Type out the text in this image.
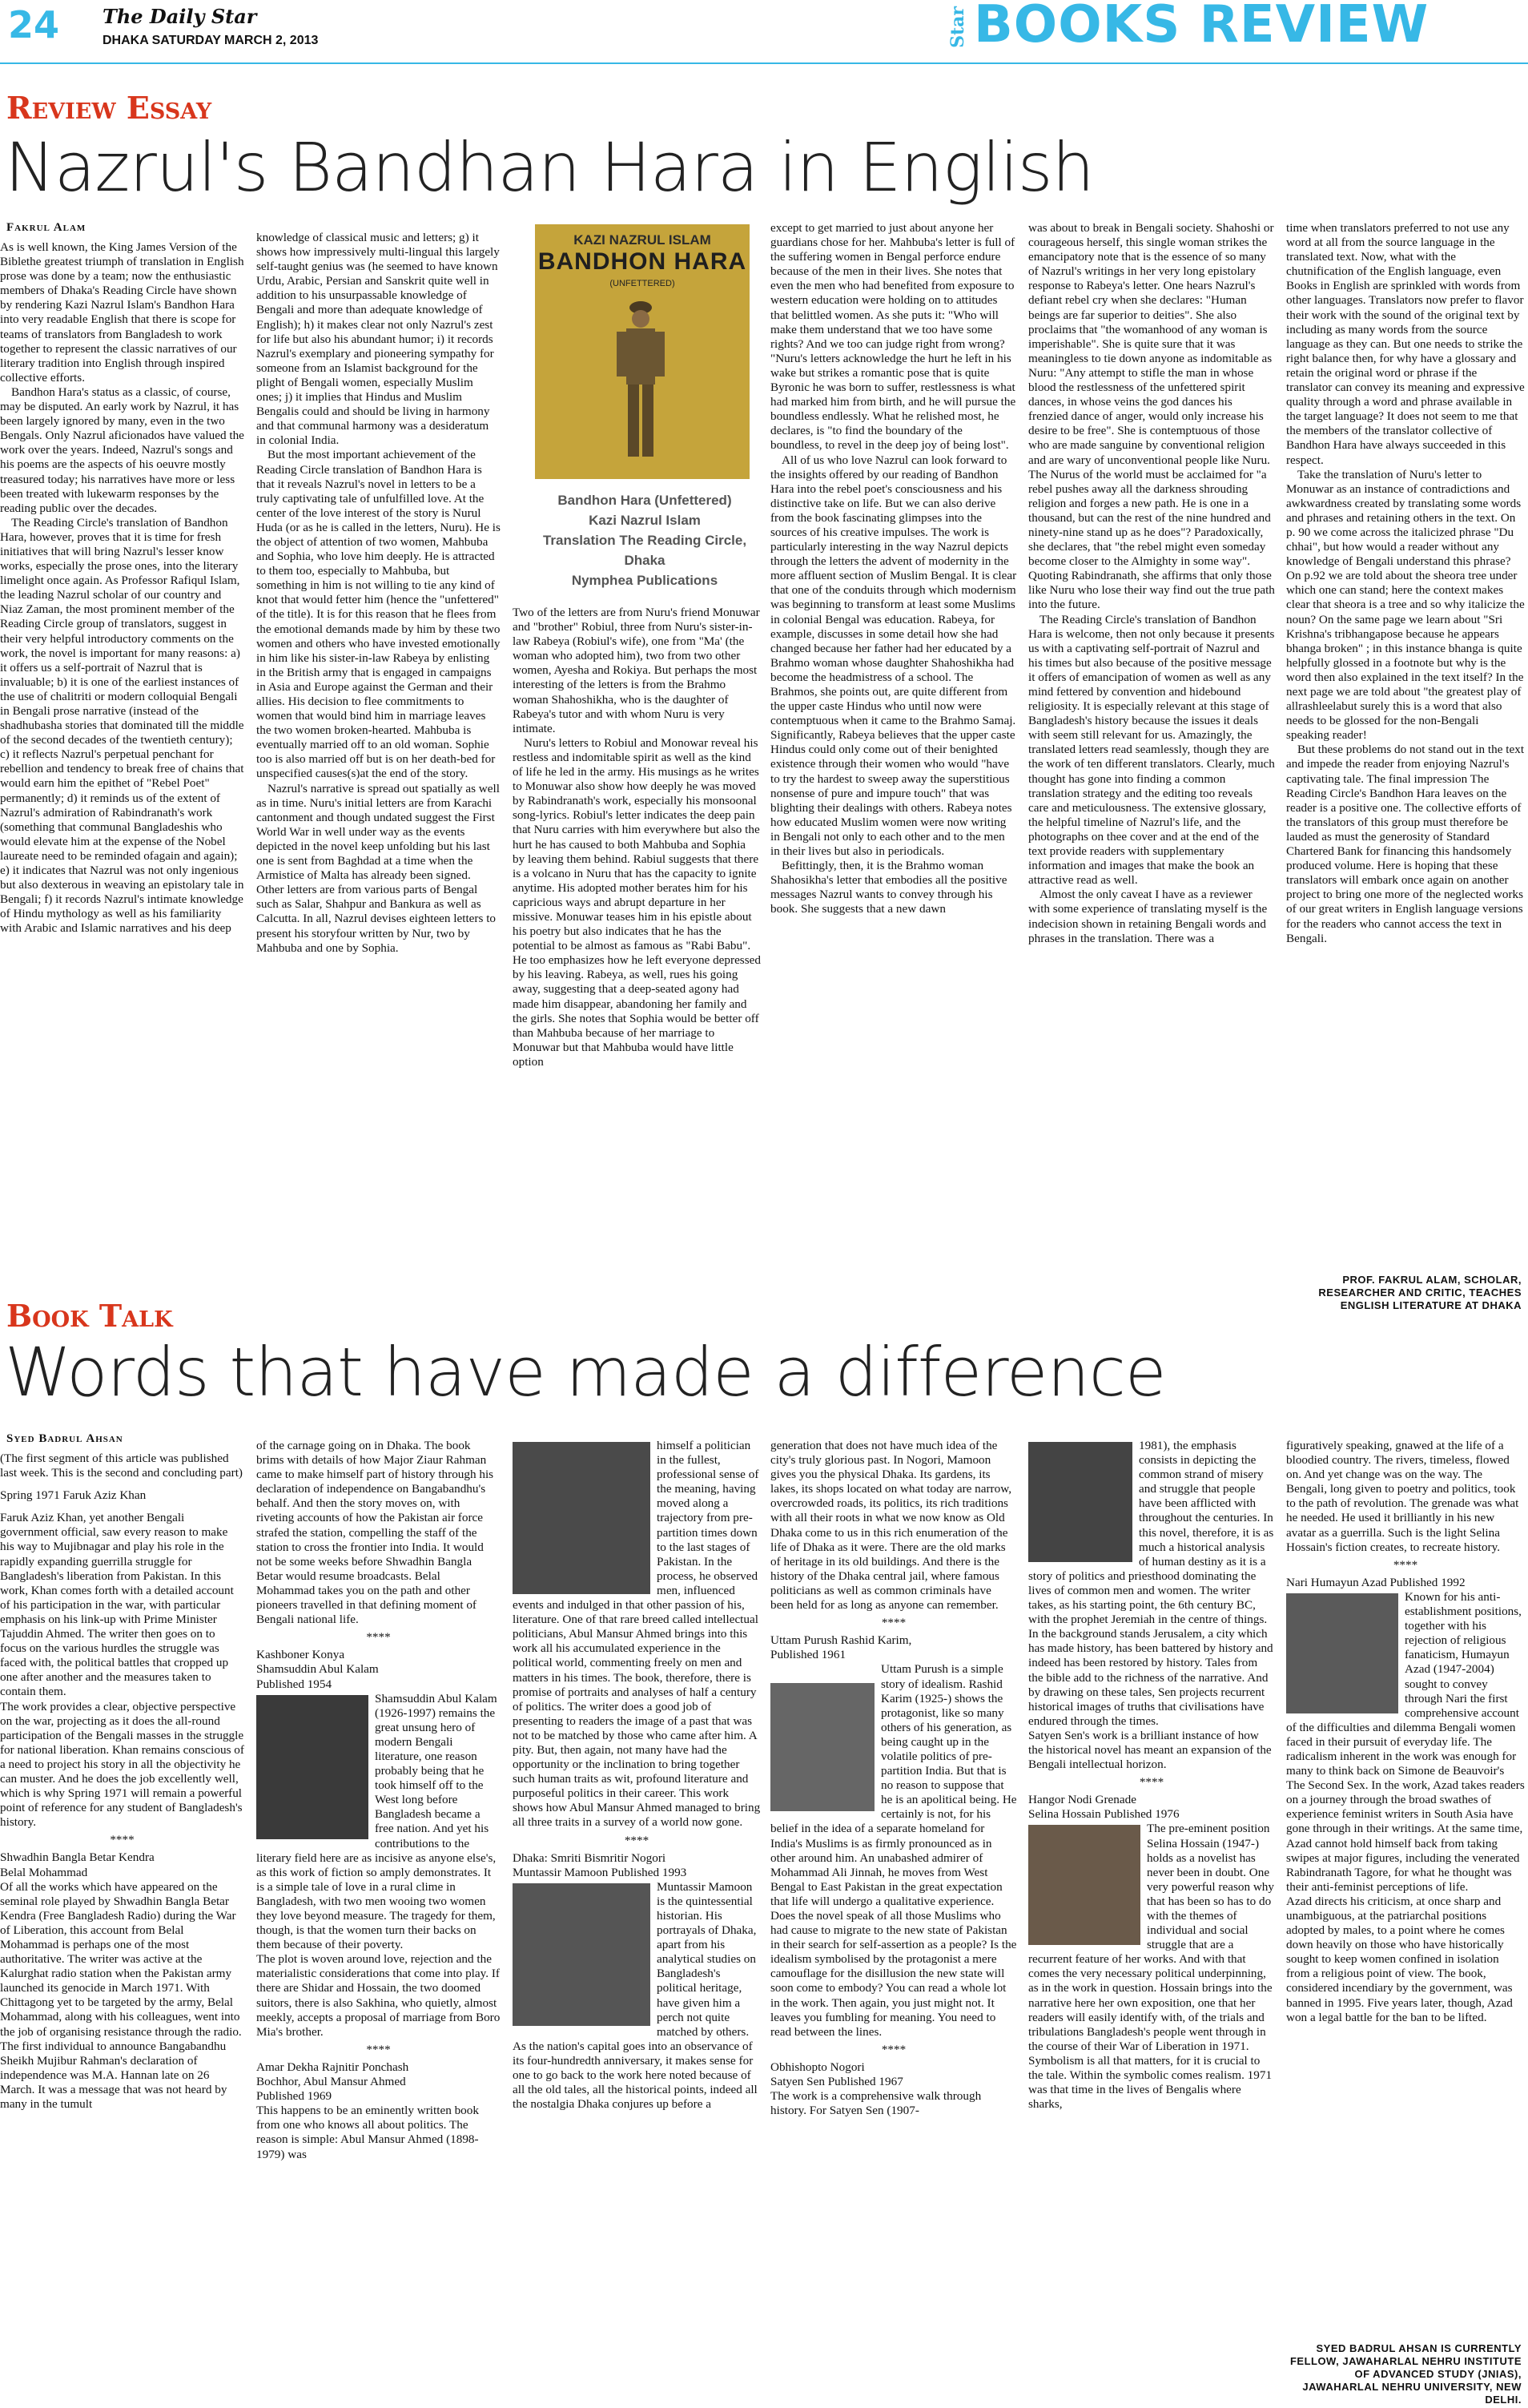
24 The Daily Star
DHAKA SATURDAY MARCH 2, 2013	Star BOOKS REVIEW
Review Essay
Nazrul's Bandhan Hara in English
Fakrul Alam

As is well known, the King James Version of the Biblethe greatest triumph of translation in English prose was done by a team; now the enthusiastic members of Dhaka's Reading Circle have shown by rendering Kazi Nazrul Islam's Bandhon Hara into very readable English that there is scope for teams of translators from Bangladesh to work together to represent the classic narratives of our literary tradition into English through inspired collective efforts.

Bandhon Hara's status as a classic, of course, may be disputed. An early work by Nazrul, it has been largely ignored by many, even in the two Bengals. Only Nazrul aficionados have valued the work over the years. Indeed, Nazrul's songs and his poems are the aspects of his oeuvre mostly treasured today; his narratives have more or less been treated with lukewarm responses by the reading public over the decades.

The Reading Circle's translation of Bandhon Hara, however, proves that it is time for fresh initiatives that will bring Nazrul's lesser know works, especially the prose ones, into the literary limelight once again. As Professor Rafiqul Islam, the leading Nazrul scholar of our country and Niaz Zaman, the most prominent member of the Reading Circle group of translators, suggest in their very helpful introductory comments on the work, the novel is important for many reasons: a) it offers us a self-portrait of Nazrul that is invaluable; b) it is one of the earliest instances of the use of chalitriti or modern colloquial Bengali in Bengali prose narrative (instead of the shadhubasha stories that dominated till the middle of the second decades of the twentieth century); c) it reflects Nazrul's perpetual penchant for rebellion and tendency to break free of chains that would earn him the epithet of "Rebel Poet" permanently; d) it reminds us of the extent of Nazrul's admiration of Rabindranath's work (something that communal Bangladeshis who would elevate him at the expense of the Nobel laureate need to be reminded ofagain and again); e) it indicates that Nazrul was not only ingenious but also dexterous in weaving an epistolary tale in Bengali; f) it records Nazrul's intimate knowledge of Hindu mythology as well as his familiarity with Arabic and Islamic narratives and his deep

knowledge of classical music and letters; g) it shows how impressively multi-lingual this largely self-taught genius was (he seemed to have known Urdu, Arabic, Persian and Sanskrit quite well in addition to his unsurpassable knowledge of Bengali and more than adequate knowledge of English); h) it makes clear not only Nazrul's zest for life but also his abundant humor; i) it records Nazrul's exemplary and pioneering sympathy for someone from an Islamist background for the plight of Bengali women, especially Muslim ones; j) it implies that Hindus and Muslim Bengalis could and should be living in harmony and that communal harmony was a desideratum in colonial India.

But the most important achievement of the Reading Circle translation of Bandhon Hara is that it reveals Nazrul's novel in letters to be a truly captivating tale of unfulfilled love. At the center of the love interest of the story is Nurul Huda (or as he is called in the letters, Nuru). He is the object of attention of two women, Mahbuba and Sophia, who love him deeply. He is attracted to them too, especially to Mahbuba, but something in him is not willing to tie any kind of knot that would fetter him (hence the "unfettered" of the title). It is for this reason that he flees from the emotional demands made by him by these two women and others who have invested emotionally in him like his sister-in-law Rabeya by enlisting in the British army that is engaged in campaigns in Asia and Europe against the German and their allies. His decision to flee commitments to women that would bind him in marriage leaves the two women broken-hearted. Mahbuba is eventually married off to an old woman. Sophie too is also married off but is on her death-bed for unspecified causes(s)at the end of the story.

Nazrul's narrative is spread out spatially as well as in time. Nuru's initial letters are from Karachi cantonment and though undated suggest the First World War in well under way as the events depicted in the novel keep unfolding but his last one is sent from Baghdad at a time when the Armistice of Malta has already been signed. Other letters are from various parts of Bengal such as Salar, Shahpur and Bankura as well as Calcutta. In all, Nazrul devises eighteen letters to present his storyfour written by Nur, two by Mahbuba and one by Sophia.

KAZI NAZRUL ISLAM
BANDHON HARA
(UNFETTERED)
Bandhon Hara (Unfettered)
Kazi Nazrul Islam
Translation The Reading Circle,
Dhaka
Nymphea Publications

Two of the letters are from Nuru's friend Monuwar and "brother" Robiul, three from Nuru's sister-in- law Rabeya (Robiul's wife), one from "Ma' (the woman who adopted him), two from two other women, Ayesha and Rokiya. But perhaps the most interesting of the letters is from the Brahmo woman Shahoshikha, who is the daughter of Rabeya's tutor and with whom Nuru is very intimate.

Nuru's letters to Robiul and Monowar reveal his restless and indomitable spirit as well as the kind of life he led in the army. His musings as he writes to Monuwar also show how deeply he was moved by Rabindranath's work, especially his monsoonal song-lyrics. Robiul's letter indicates the deep pain that Nuru carries with him everywhere but also the hurt he has caused to both Mahbuba and Sophia by leaving them behind. Rabiul suggests that there is a volcano in Nuru that has the capacity to ignite anytime. His adopted mother berates him for his capricious ways and abrupt departure in her missive. Monuwar teases him in his epistle about his poetry but also indicates that he has the potential to be almost as famous as "Rabi Babu". He too emphasizes how he left everyone depressed by his leaving. Rabeya, as well, rues his going away, suggesting that a deep-seated agony had made him disappear, abandoning her family and the girls. She notes that Sophia would be better off than Mahbuba because of her marriage to Monuwar but that Mahbuba would have little option

except to get married to just about anyone her guardians chose for her. Mahbuba's letter is full of the suffering women in Bengal perforce endure because of the men in their lives. She notes that even the men who had benefited from exposure to western education were holding on to attitudes that belittled women. As she puts it: "Who will make them understand that we too have some rights? And we too can judge right from wrong? "Nuru's letters acknowledge the hurt he left in his wake but strikes a romantic pose that is quite Byronic he was born to suffer, restlessness is what had marked him from birth, and he will pursue the boundless endlessly. What he relished most, he declares, is "to find the boundary of the boundless, to revel in the deep joy of being lost".

All of us who love Nazrul can look forward to the insights offered by our reading of Bandhon Hara into the rebel poet's consciousness and his distinctive take on life. But we can also derive from the book fascinating glimpses into the sources of his creative impulses. The work is particularly interesting in the way Nazrul depicts through the letters the advent of modernity in the more affluent section of Muslim Bengal. It is clear that one of the conduits through which modernism was beginning to transform at least some Muslims in colonial Bengal was education. Rabeya, for example, discusses in some detail how she had changed because her father had her educated by a Brahmo woman whose daughter Shahoshikha had become the headmistress of a school. The Brahmos, she points out, are quite different from the upper caste Hindus who until now were contemptuous when it came to the Brahmo Samaj. Significantly, Rabeya believes that the upper caste Hindus could only come out of their benighted existence through their women who would "have to try the hardest to sweep away the superstitious nonsense of pure and impure touch" that was blighting their dealings with others. Rabeya notes how educated Muslim women were now writing in Bengali not only to each other and to the men in their lives but also in periodicals.

Befittingly, then, it is the Brahmo woman Shahosikha's letter that embodies all the positive messages Nazrul wants to convey through his book. She suggests that a new dawn

was about to break in Bengali society. Shahoshi or courageous herself, this single woman strikes the emancipatory note that is the essence of so many of Nazrul's writings in her very long epistolary response to Rabeya's letter. One hears Nazrul's defiant rebel cry when she declares: "Human beings are far superior to deities". She also proclaims that "the womanhood of any woman is imperishable". She is quite sure that it was meaningless to tie down anyone as indomitable as Nuru: "Any attempt to stifle the man in whose blood the restlessness of the unfettered spirit dances, in whose veins the god dances his frenzied dance of anger, would only increase his desire to be free". She is contemptuous of those who are made sanguine by conventional religion and are wary of unconventional people like Nuru. The Nurus of the world must be acclaimed for "a rebel pushes away all the darkness shrouding religion and forges a new path. He is one in a thousand, but can the rest of the nine hundred and ninety-nine stand up as he does"? Paradoxically, she declares, that "the rebel might even someday become closer to the Almighty in some way". Quoting Rabindranath, she affirms that only those like Nuru who lose their way find out the true path into the future.

The Reading Circle's translation of Bandhon Hara is welcome, then not only because it presents us with a captivating self-portrait of Nazrul and his times but also because of the positive message it offers of emancipation of women as well as any mind fettered by convention and hidebound religiosity. It is especially relevant at this stage of Bangladesh's history because the issues it deals with seem still relevant for us. Amazingly, the translated letters read seamlessly, though they are the work of ten different translators. Clearly, much thought has gone into finding a common translation strategy and the editing too reveals care and meticulousness. The extensive glossary, the helpful timeline of Nazrul's life, and the photographs on thee cover and at the end of the text provide readers with supplementary information and images that make the book an attractive read as well.

Almost the only caveat I have as a reviewer with some experience of translating myself is the indecision shown in retaining Bengali words and phrases in the translation. There was a

time when translators preferred to not use any word at all from the source language in the translated text. Now, what with the chutnification of the English language, even Books in English are sprinkled with words from other languages. Translators now prefer to flavor their work with the sound of the original text by including as many words from the source language as they can. But one needs to strike the right balance then, for why have a glossary and retain the original word or phrase if the translator can convey its meaning and expressive quality through a word and phrase available in the target language? It does not seem to me that the members of the translator collective of Bandhon Hara have always succeeded in this respect.

Take the translation of Nuru's letter to Monuwar as an instance of contradictions and awkwardness created by translating some words and phrases and retaining others in the text. On p. 90 we come across the italicized phrase "Du chhai", but how would a reader without any knowledge of Bengali understand this phrase? On p.92 we are told about the sheora tree under which one can stand; here the context makes clear that sheora is a tree and so why italicize the noun? On the same page we learn about "Sri Krishna's tribhangapose because he appears bhanga broken" ; in this instance bhanga is quite helpfully glossed in a footnote but why is the word then also explained in the text itself? In the next page we are told about "the greatest play of allrashleelabut surely this is a word that also needs to be glossed for the non-Bengali speaking reader!

But these problems do not stand out in the text and impede the reader from enjoying Nazrul's captivating tale. The final impression The Reading Circle's Bandhon Hara leaves on the reader is a positive one. The collective efforts of the translators of this group must therefore be lauded as must the generosity of Standard Chartered Bank for financing this handsomely produced volume. Here is hoping that these translators will embark once again on another project to bring one more of the neglected works of our great writers in English language versions for the readers who cannot access the text in Bengali.

PROF. FAKRUL ALAM, SCHOLAR,
RESEARCHER AND CRITIC, TEACHES
ENGLISH LITERATURE AT DHAKA
Book Talk
Words that have made a difference
Syed Badrul Ahsan

(The first segment of this article was published last week. This is the second and concluding part)

Spring 1971 Faruk Aziz Khan

Faruk Aziz Khan, yet another Bengali government official, saw every reason to make his way to Mujibnagar and play his role in the rapidly expanding guerrilla struggle for Bangladesh's liberation from Pakistan. In this work, Khan comes forth with a detailed account of his participation in the war, with particular emphasis on his link-up with Prime Minister Tajuddin Ahmed. The writer then goes on to focus on the various hurdles the struggle was faced with, the political battles that cropped up one after another and the measures taken to contain them.

The work provides a clear, objective perspective on the war, projecting as it does the all-round participation of the Bengali masses in the struggle for national liberation. Khan remains conscious of a need to project his story in all the objectivity he can muster. And he does the job excellently well, which is why Spring 1971 will remain a powerful point of reference for any student of Bangladesh's history.

****

Shwadhin Bangla Betar Kendra

Belal Mohammad

Of all the works which have appeared on the seminal role played by Shwadhin Bangla Betar Kendra (Free Bangladesh Radio) during the War of Liberation, this account from Belal Mohammad is perhaps one of the most authoritative. The writer was active at the Kalurghat radio station when the Pakistan army launched its genocide in March 1971. With Chittagong yet to be targeted by the army, Belal Mohammad, along with his colleagues, went into the job of organising resistance through the radio. The first individual to announce Bangabandhu Sheikh Mujibur Rahman's declaration of independence was M.A. Hannan late on 26 March. It was a message that was not heard by many in the tumult

of the carnage going on in Dhaka. The book brims with details of how Major Ziaur Rahman came to make himself part of history through his declaration of independence on Bangabandhu's behalf. And then the story moves on, with riveting accounts of how the Pakistan air force strafed the station, compelling the staff of the station to cross the frontier into India. It would not be some weeks before Shwadhin Bangla Betar would resume broadcasts. Belal Mohammad takes you on the path and other pioneers travelled in that defining moment of Bengali national life.

****

Kashboner Konya

Shamsuddin Abul Kalam

Published 1954

Shamsuddin Abul Kalam (1926-1997) remains the great unsung hero of modern Bengali literature, one reason probably being that he took himself off to the West long before Bangladesh became a free nation. And yet his contributions to the literary field here are as incisive as anyone else's, as this work of fiction so amply demonstrates. It is a simple tale of love in a rural clime in Bangladesh, with two men wooing two women they love beyond measure. The tragedy for them, though, is that the women turn their backs on them because of their poverty.

The plot is woven around love, rejection and the materialistic considerations that come into play. If there are Shidar and Hossain, the two doomed suitors, there is also Sakhina, who quietly, almost meekly, accepts a proposal of marriage from Boro Mia's brother.

****

Amar Dekha Rajnitir Ponchash

Bochhor, Abul Mansur Ahmed

Published 1969

This happens to be an eminently written book from one who knows all about politics. The reason is simple: Abul Mansur Ahmed (1898-1979) was

himself a politician in the fullest, professional sense of the meaning, having moved along a trajectory from pre-partition times down to the last stages of Pakistan. In the process, he observed men, influenced events and indulged in that other passion of his, literature. One of that rare breed called intellectual politicians, Abul Mansur Ahmed brings into this work all his accumulated experience in the political world, commenting freely on men and matters in his times. The book, therefore, there is promise of portraits and analyses of half a century of politics. The writer does a good job of presenting to readers the image of a past that was not to be matched by those who came after him. A pity. But, then again, not many have had the opportunity or the inclination to bring together such human traits as wit, profound literature and purposeful politics in their career. This work shows how Abul Mansur Ahmed managed to bring all three traits in a survey of a world now gone.

****

Dhaka: Smriti Bismritir Nogori

Muntassir Mamoon Published 1993

Muntassir Mamoon is the quintessential historian. His portrayals of Dhaka, apart from his analytical studies on Bangladesh's political heritage, have given him a perch not quite matched by others. As the nation's capital goes into an observance of its four-hundredth anniversary, it makes sense for one to go back to the work here noted because of all the old tales, all the historical points, indeed all the nostalgia Dhaka conjures up before a

generation that does not have much idea of the city's truly glorious past. In Nogori, Mamoon gives you the physical Dhaka. Its gardens, its lakes, its shops located on what today are narrow, overcrowded roads, its politics, its rich traditions with all their roots in what we now know as Old Dhaka come to us in this rich enumeration of the life of Dhaka as it were. There are the old marks of heritage in its old buildings. And there is the history of the Dhaka central jail, where famous politicians as well as common criminals have been held for as long as anyone can remember.

****

Uttam Purush Rashid Karim,

Published 1961

Uttam Purush is a simple story of idealism. Rashid Karim (1925-) shows the protagonist, like so many others of his generation, as being caught up in the volatile politics of pre-partition India. But that is no reason to suppose that he is an apolitical being. He certainly is not, for his belief in the idea of a separate homeland for India's Muslims is as firmly pronounced as in other around him. An unabashed admirer of Mohammad Ali Jinnah, he moves from West Bengal to East Pakistan in the great expectation that life will undergo a qualitative experience.

Does the novel speak of all those Muslims who had cause to migrate to the new state of Pakistan in their search for self-assertion as a people? Is the idealism symbolised by the protagonist a mere camouflage for the disillusion the new state will soon come to embody? You can read a whole lot in the work. Then again, you just might not. It leaves you fumbling for meaning. You need to read between the lines.

****

Obhishopto Nogori

Satyen Sen Published 1967

The work is a comprehensive walk through history. For Satyen Sen (1907-

1981), the emphasis consists in depicting the common strand of misery and struggle that people have been afflicted with throughout the centuries. In this novel, therefore, it is as much a historical analysis of human destiny as it is a story of politics and priesthood dominating the lives of common men and women. The writer takes, as his starting point, the 6th century BC, with the prophet Jeremiah in the centre of things. In the background stands Jerusalem, a city which has made history, has been battered by history and indeed has been restored by history. Tales from the bible add to the richness of the narrative. And by drawing on these tales, Sen projects recurrent historical images of truths that civilisations have endured through the times.

Satyen Sen's work is a brilliant instance of how the historical novel has meant an expansion of the Bengali intellectual horizon.

****

Hangor Nodi Grenade

Selina Hossain Published 1976

The pre-eminent position Selina Hossain (1947-) holds as a novelist has never been in doubt. One very powerful reason why that has been so has to do with the themes of individual and social struggle that are a recurrent feature of her works. And with that comes the very necessary political underpinning, as in the work in question. Hossain brings into the narrative here her own exposition, one that her readers will easily identify with, of the trials and tribulations Bangladesh's people went through in the course of their War of Liberation in 1971.

Symbolism is all that matters, for it is crucial to the tale. Within the symbolic comes realism. 1971 was that time in the lives of Bengalis where sharks,

figuratively speaking, gnawed at the life of a bloodied country. The rivers, timeless, flowed on. And yet change was on the way. The Bengali, long given to poetry and politics, took to the path of revolution. The grenade was what he needed. He used it brilliantly in his new avatar as a guerrilla. Such is the light Selina Hossain's fiction creates, to recreate history.

****

Nari Humayun Azad Published 1992

Known for his anti-establishment positions, together with his rejection of religious fanaticism, Humayun Azad (1947-2004) sought to convey through Nari the first comprehensive account of the difficulties and dilemma Bengali women faced in their pursuit of everyday life. The radicalism inherent in the work was enough for many to think back on Simone de Beauvoir's The Second Sex. In the work, Azad takes readers on a journey through the broad swathes of experience feminist writers in South Asia have gone through in their writings. At the same time, Azad cannot hold himself back from taking swipes at major figures, including the venerated Rabindranath Tagore, for what he thought was their anti-feminist perceptions of life.

Azad directs his criticism, at once sharp and unambiguous, at the patriarchal positions adopted by males, to a point where he comes down heavily on those who have historically sought to keep women confined in isolation from a religious point of view. The book, considered incendiary by the government, was banned in 1995. Five years later, though, Azad won a legal battle for the ban to be lifted.

SYED BADRUL AHSAN IS CURRENTLY
FELLOW, JAWAHARLAL NEHRU INSTITUTE
OF ADVANCED STUDY (JNIAS),
JAWAHARLAL NEHRU UNIVERSITY, NEW
DELHI.
